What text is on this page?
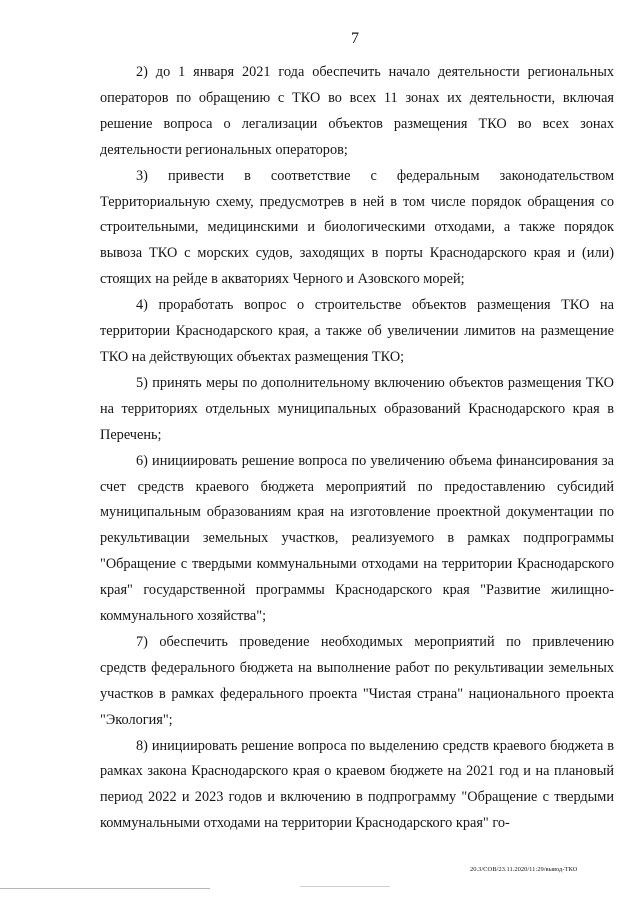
7

2) до 1 января 2021 года обеспечить начало деятельности региональных операторов по обращению с ТКО во всех 11 зонах их деятельности, включая решение вопроса о легализации объектов размещения ТКО во всех зонах деятельности региональных операторов;

3) привести в соответствие с федеральным законодательством Территориальную схему, предусмотрев в ней в том числе порядок обращения со строительными, медицинскими и биологическими отходами, а также порядок вывоза ТКО с морских судов, заходящих в порты Краснодарского края и (или) стоящих на рейде в акваториях Черного и Азовского морей;

4) проработать вопрос о строительстве объектов размещения ТКО на территории Краснодарского края, а также об увеличении лимитов на размещение ТКО на действующих объектах размещения ТКО;

5) принять меры по дополнительному включению объектов размещения ТКО на территориях отдельных муниципальных образований Краснодарского края в Перечень;

6) инициировать решение вопроса по увеличению объема финансирования за счет средств краевого бюджета мероприятий по предоставлению субсидий муниципальным образованиям края на изготовление проектной документации по рекультивации земельных участков, реализуемого в рамках подпрограммы "Обращение с твердыми коммунальными отходами на территории Краснодарского края" государственной программы Краснодарского края "Развитие жилищно-коммунального хозяйства";

7) обеспечить проведение необходимых мероприятий по привлечению средств федерального бюджета на выполнение работ по рекультивации земельных участков в рамках федерального проекта "Чистая страна" национального проекта "Экология";

8) инициировать решение вопроса по выделению средств краевого бюджета в рамках закона Краснодарского края о краевом бюджете на 2021 год и на плановый период 2022 и 2023 годов и включению в подпрограмму "Обращение с твердыми коммунальными отходами на территории Краснодарского края" го-

20.3/СОВ/23.11.2020/11:29/вывод-ТКО
